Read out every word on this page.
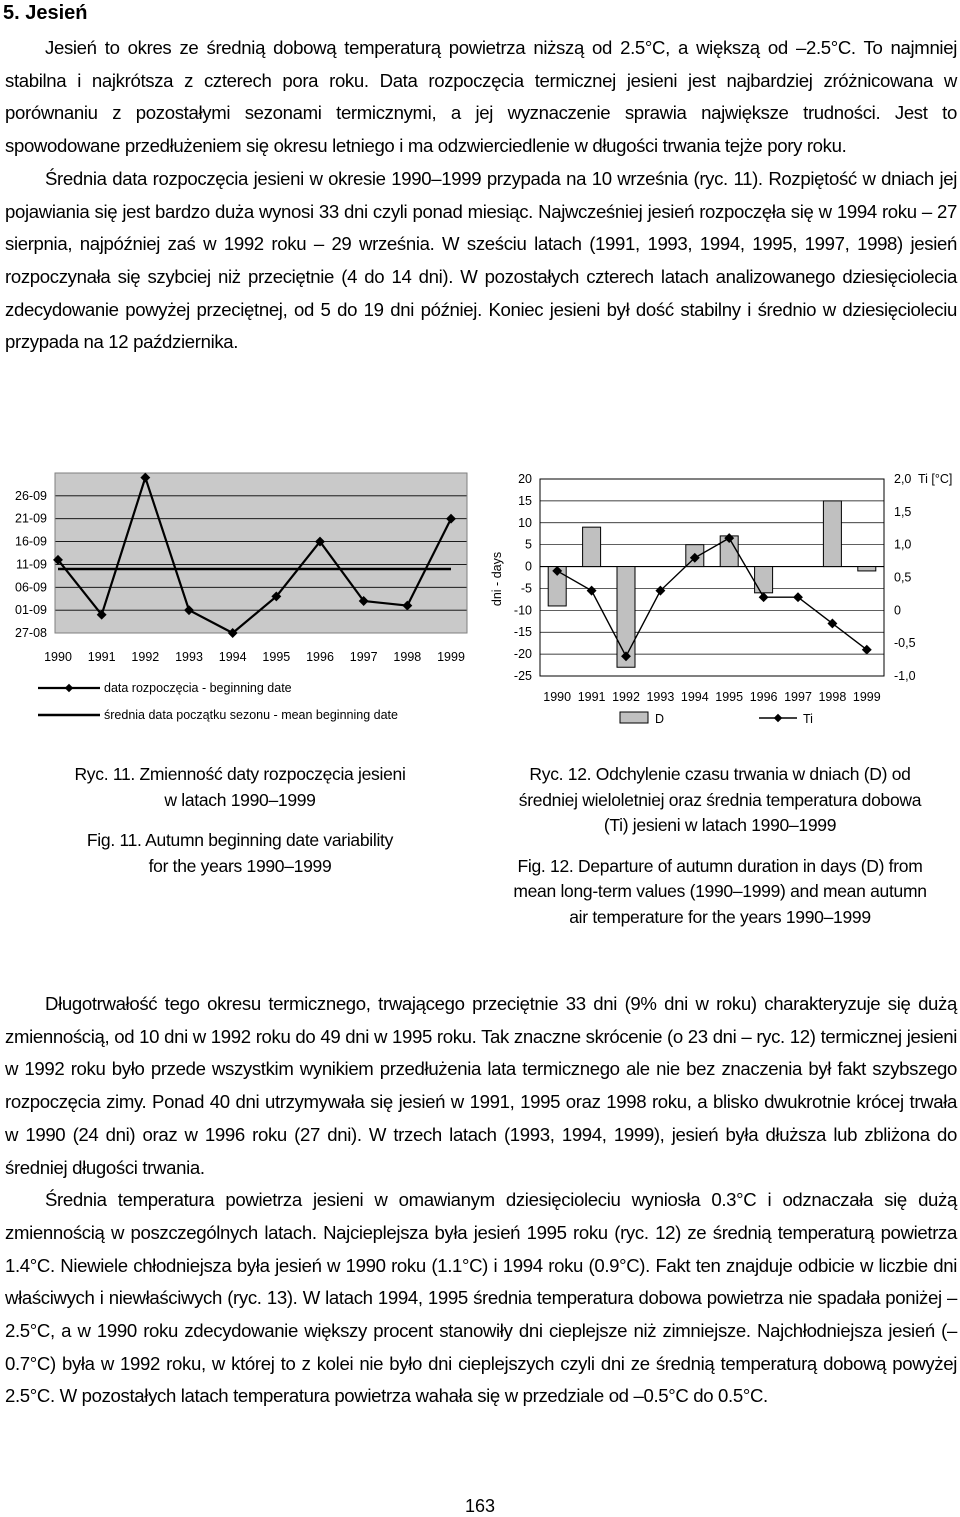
5. Jesień

Jesień to okres ze średnią dobową temperaturą powietrza niższą od 2.5°C, a większą od –2.5°C. To najmniej stabilna i najkrótsza z czterech pora roku. Data rozpoczęcia termicznej jesieni jest najbardziej zróżnicowana w porównaniu z pozostałymi sezonami termicznymi, a jej wyznaczenie sprawia największe trudności. Jest to spowodowane przedłużeniem się okresu letniego i ma odzwierciedlenie w długości trwania tejże pory roku.

Średnia data rozpoczęcia jesieni w okresie 1990–1999 przypada na 10 września (ryc. 11). Rozpiętość w dniach jej pojawiania się jest bardzo duża wynosi 33 dni czyli ponad miesiąc. Najwcześniej jesień rozpoczęła się w 1994 roku – 27 sierpnia, najpóźniej zaś w 1992 roku – 29 września. W sześciu latach (1991, 1993, 1994, 1995, 1997, 1998) jesień rozpoczynała się szybciej niż przeciętnie (4 do 14 dni). W pozostałych czterech latach analizowanego dziesięciolecia zdecydowanie powyżej przeciętnej, od 5 do 19 dni później. Koniec jesieni był dość stabilny i średnio w dziesięcioleciu przypada na 12 października.

27-08
01-09
06-09
11-09
16-09
21-09
26-09
1990 1991 1992 1993 1994 1995 1996 1997 1998 1999
data rozpoczęcia - beginning date
średnia data początku sezonu - mean beginning date
20
15
10
5
0
-5
-10
-15
-20
-25
2,0
1,5
1,0
0,5
0
-0,5
-1,0
Ti [°C]
dni - days
1990 1991 1992 1993 1994 1995 1996 1997 1998 1999
D	Ti
Ryc. 11. Zmienność daty rozpoczęcia jesieni
w latach 1990–1999
Fig. 11. Autumn beginning date variability
for the years 1990–1999
Ryc. 12. Odchylenie czasu trwania w dniach (D) od
średniej wieloletniej oraz średnia temperatura dobowa
(Ti) jesieni w latach 1990–1999
Fig. 12. Departure of autumn duration in days (D) from
mean long-term values (1990–1999) and mean autumn
air temperature for the years 1990–1999

Długotrwałość tego okresu termicznego, trwającego przeciętnie 33 dni (9% dni w roku) charakteryzuje się dużą zmiennością, od 10 dni w 1992 roku do 49 dni w 1995 roku. Tak znaczne skrócenie (o 23 dni – ryc. 12) termicznej jesieni w 1992 roku było przede wszystkim wynikiem przedłużenia lata termicznego ale nie bez znaczenia był fakt szybszego rozpoczęcia zimy. Ponad 40 dni utrzymywała się jesień w 1991, 1995 oraz 1998 roku, a blisko dwukrotnie krócej trwała w 1990 (24 dni) oraz w 1996 roku (27 dni). W trzech latach (1993, 1994, 1999), jesień była dłuższa lub zbliżona do średniej długości trwania.

Średnia temperatura powietrza jesieni w omawianym dziesięcioleciu wyniosła 0.3°C i odznaczała się dużą zmiennością w poszczególnych latach. Najcieplejsza była jesień 1995 roku (ryc. 12) ze średnią temperaturą powietrza 1.4°C. Niewiele chłodniejsza była jesień w 1990 roku (1.1°C) i 1994 roku (0.9°C). Fakt ten znajduje odbicie w liczbie dni właściwych i niewłaściwych (ryc. 13). W latach 1994, 1995 średnia temperatura dobowa powietrza nie spadała poniżej –2.5°C, a w 1990 roku zdecydowanie większy procent stanowiły dni cieplejsze niż zimniejsze. Najchłodniejsza jesień (–0.7°C) była w 1992 roku, w której to z kolei nie było dni cieplejszych czyli dni ze średnią temperaturą dobową powyżej 2.5°C. W pozostałych latach temperatura powietrza wahała się w przedziale od –0.5°C do 0.5°C.

163
